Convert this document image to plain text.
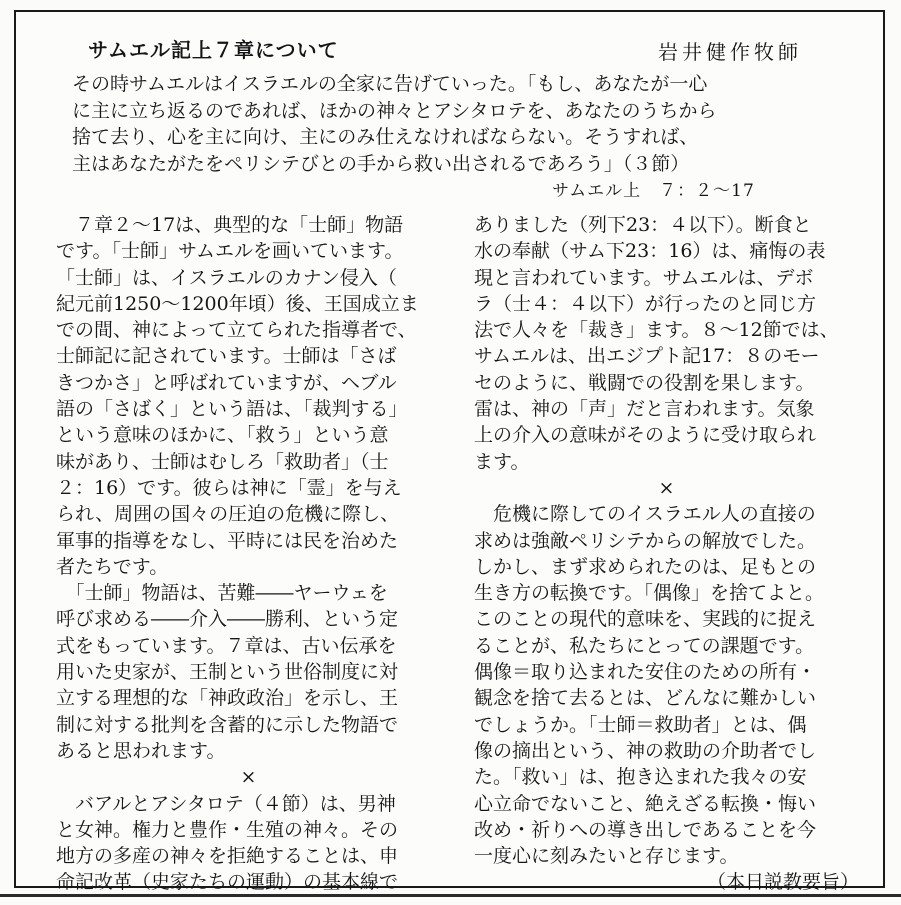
サムエル記上７章について	岩井健作牧師
その時サムエルはイスラエルの全家に告げていった。「もし、あなたが一心
に主に立ち返るのであれば、ほかの神々とアシタロテを、あなたのうちから
捨て去り、心を主に向け、主にのみ仕えなければならない。そうすれば、
主はあなたがたをペリシテびとの手から救い出されるであろう」（３節）
サムエル上　７：２〜17
　７章２〜17は、典型的な「士師」物語
です。「士師」サムエルを画いています。
「士師」は、イスラエルのカナン侵入（
紀元前1250〜1200年頃）後、王国成立ま
での間、神によって立てられた指導者で、
士師記に記されています。士師は「さば
きつかさ」と呼ばれていますが、ヘブル
語の「さばく」という語は、「裁判する」
という意味のほかに、「救う」という意
味があり、士師はむしろ「救助者」（士
２：16）です。彼らは神に「霊」を与え
られ、周囲の国々の圧迫の危機に際し、
軍事的指導をなし、平時には民を治めた
者たちです。
　「士師」物語は、苦難――ヤーウェを
呼び求める――介入――勝利、という定
式をもっています。７章は、古い伝承を
用いた史家が、王制という世俗制度に対
立する理想的な「神政政治」を示し、王
制に対する批判を含蓄的に示した物語で
あると思われます。
×
　バアルとアシタロテ（４節）は、男神
と女神。権力と豊作・生殖の神々。その
地方の多産の神々を拒絶することは、申
命記改革（史家たちの運動）の基本線で
ありました（列下23：４以下）。断食と
水の奉献（サム下23：16）は、痛悔の表
現と言われています。サムエルは、デボ
ラ（士４：４以下）が行ったのと同じ方
法で人々を「裁き」ます。８〜12節では、
サムエルは、出エジプト記17：８のモー
セのように、戦闘での役割を果します。
雷は、神の「声」だと言われます。気象
上の介入の意味がそのように受け取られ
ます。
×
　危機に際してのイスラエル人の直接の
求めは強敵ペリシテからの解放でした。
しかし、まず求められたのは、足もとの
生き方の転換です。「偶像」を捨てよと。
このことの現代的意味を、実践的に捉え
ることが、私たちにとっての課題です。
偶像＝取り込まれた安住のための所有・
観念を捨て去るとは、どんなに難かしい
でしょうか。「士師＝救助者」とは、偶
像の摘出という、神の救助の介助者でし
た。「救い」は、抱き込まれた我々の安
心立命でないこと、絶えざる転換・悔い
改め・祈りへの導き出しであることを今
一度心に刻みたいと存じます。
（本日説教要旨）
